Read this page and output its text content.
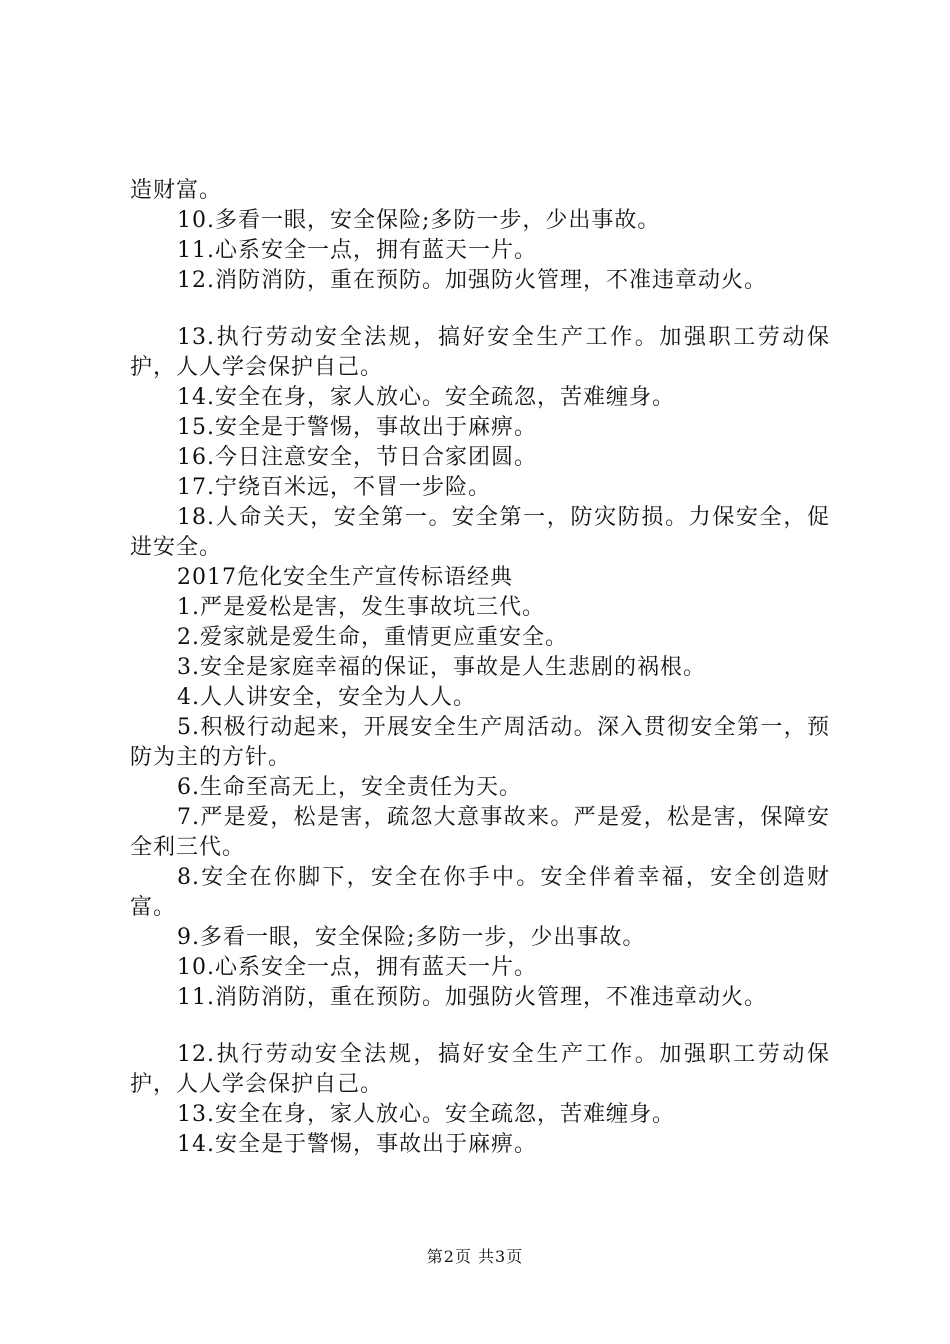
造财富。

10.多看一眼，安全保险;多防一步，少出事故。

11.心系安全一点，拥有蓝天一片。

12.消防消防，重在预防。加强防火管理，不准违章动火。

13.执行劳动安全法规，搞好安全生产工作。加强职工劳动保护，人人学会保护自己。

14.安全在身，家人放心。安全疏忽，苦难缠身。

15.安全是于警惕，事故出于麻痹。

16.今日注意安全，节日合家团圆。

17.宁绕百米远，不冒一步险。

18.人命关天，安全第一。安全第一，防灾防损。力保安全，促进安全。

2017危化安全生产宣传标语经典

1.严是爱松是害，发生事故坑三代。

2.爱家就是爱生命，重情更应重安全。

3.安全是家庭幸福的保证，事故是人生悲剧的祸根。

4.人人讲安全，安全为人人。

5.积极行动起来，开展安全生产周活动。深入贯彻安全第一，预防为主的方针。

6.生命至高无上，安全责任为天。

7.严是爱，松是害，疏忽大意事故来。严是爱，松是害，保障安全利三代。

8.安全在你脚下，安全在你手中。安全伴着幸福，安全创造财富。

9.多看一眼，安全保险;多防一步，少出事故。

10.心系安全一点，拥有蓝天一片。

11.消防消防，重在预防。加强防火管理，不准违章动火。

12.执行劳动安全法规，搞好安全生产工作。加强职工劳动保护，人人学会保护自己。

13.安全在身，家人放心。安全疏忽，苦难缠身。

14.安全是于警惕，事故出于麻痹。

第2页 共3页
